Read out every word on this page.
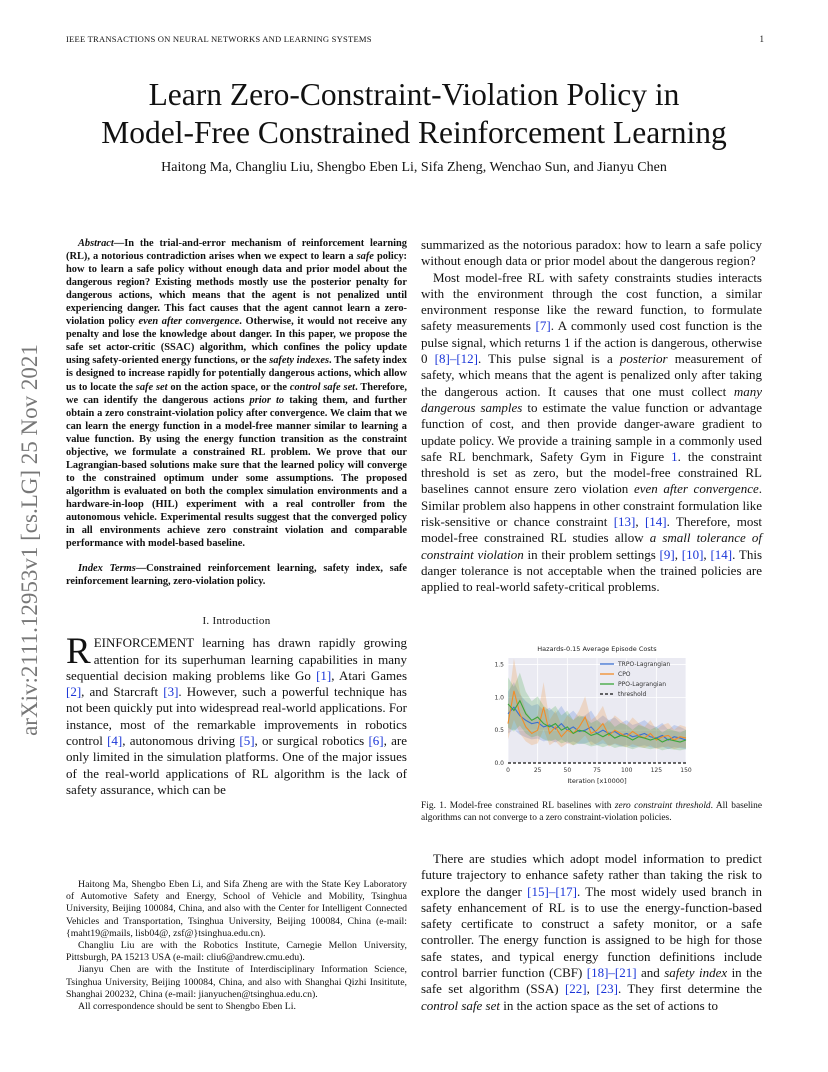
IEEE TRANSACTIONS ON NEURAL NETWORKS AND LEARNING SYSTEMS	1
arXiv:2111.12953v1 [cs.LG] 25 Nov 2021
Learn Zero-Constraint-Violation Policy in
Model-Free Constrained Reinforcement Learning
Haitong Ma, Changliu Liu, Shengbo Eben Li, Sifa Zheng, Wenchao Sun, and Jianyu Chen

Abstract—In the trial-and-error mechanism of reinforcement learning (RL), a notorious contradiction arises when we expect to learn a safe policy: how to learn a safe policy without enough data and prior model about the dangerous region? Existing methods mostly use the posterior penalty for dangerous actions, which means that the agent is not penalized until experiencing danger. This fact causes that the agent cannot learn a zero-violation policy even after convergence. Otherwise, it would not receive any penalty and lose the knowledge about danger. In this paper, we propose the safe set actor-critic (SSAC) algorithm, which confines the policy update using safety-oriented energy functions, or the safety indexes. The safety index is designed to increase rapidly for potentially dangerous actions, which allow us to locate the safe set on the action space, or the control safe set. Therefore, we can identify the dangerous actions prior to taking them, and further obtain a zero constraint-violation policy after convergence. We claim that we can learn the energy function in a model-free manner similar to learning a value function. By using the energy function transition as the constraint objective, we formulate a constrained RL problem. We prove that our Lagrangian-based solutions make sure that the learned policy will converge to the constrained optimum under some assumptions. The proposed algorithm is evaluated on both the complex simulation environments and a hardware-in-loop (HIL) experiment with a real controller from the autonomous vehicle. Experimental results suggest that the converged policy in all environments achieve zero constraint violation and comparable performance with model-based baseline.

Index Terms—Constrained reinforcement learning, safety index, safe reinforcement learning, zero-violation policy.

I. Introduction

REINFORCEMENT learning has drawn rapidly growing attention for its superhuman learning capabilities in many sequential decision making problems like Go [1], Atari Games [2], and Starcraft [3]. However, such a powerful technique has not been quickly put into widespread real-world applications. For instance, most of the remarkable improvements in robotics control [4], autonomous driving [5], or surgical robotics [6], are only limited in the simulation platforms. One of the major issues of the real-world applications of RL algorithm is the lack of safety assurance, which can be

Haitong Ma, Shengbo Eben Li, and Sifa Zheng are with the State Key Laboratory of Automotive Safety and Energy, School of Vehicle and Mobility, Tsinghua University, Beijing 100084, China, and also with the Center for Intelligent Connected Vehicles and Transportation, Tsinghua University, Beijing 100084, China (e-mail: {maht19@mails, lisb04@, zsf@}tsinghua.edu.cn).

Changliu Liu are with the Robotics Institute, Carnegie Mellon University, Pittsburgh, PA 15213 USA (e-mail: cliu6@andrew.cmu.edu).

Jianyu Chen are with the Institute of Interdisciplinary Information Science, Tsinghua University, Beijing 100084, China, and also with Shanghai Qizhi Insititute, Shanghai 200232, China (e-mail: jianyuchen@tsinghua.edu.cn).

All correspondence should be sent to Shengbo Eben Li.

summarized as the notorious paradox: how to learn a safe policy without enough data or prior model about the dangerous region?

Most model-free RL with safety constraints studies interacts with the environment through the cost function, a similar environment response like the reward function, to formulate safety measurements [7]. A commonly used cost function is the pulse signal, which returns 1 if the action is dangerous, otherwise 0 [8]–[12]. This pulse signal is a posterior measurement of safety, which means that the agent is penalized only after taking the dangerous action. It causes that one must collect many dangerous samples to estimate the value function or advantage function of cost, and then provide danger-aware gradient to update policy. We provide a training sample in a commonly used safe RL benchmark, Safety Gym in Figure 1. the constraint threshold is set as zero, but the model-free constrained RL baselines cannot ensure zero violation even after convergence. Similar problem also happens in other constraint formulation like risk-sensitive or chance constraint [13], [14]. Therefore, most model-free constrained RL studies allow a small tolerance of constraint violation in their problem settings [9], [10], [14]. This danger tolerance is not acceptable when the trained policies are applied to real-world safety-critical problems.

Hazards-0.15 Average Episode Costs
0.0
0.5
1.0
1.5
0	25	50	75	100	125	150
TRPO-Lagrangian
CPO
PPO-Lagrangian
threshold
Iteration [x10000]
Fig. 1. Model-free constrained RL baselines with zero constraint threshold. All baseline algorithms can not converge to a zero constraint-violation policies.

There are studies which adopt model information to predict future trajectory to enhance safety rather than taking the risk to explore the danger [15]–[17]. The most widely used branch in safety enhancement of RL is to use the energy-function-based safety certificate to construct a safety monitor, or a safe controller. The energy function is assigned to be high for those safe states, and typical energy function definitions include control barrier function (CBF) [18]–[21] and safety index in the safe set algorithm (SSA) [22], [23]. They first determine the control safe set in the action space as the set of actions to
